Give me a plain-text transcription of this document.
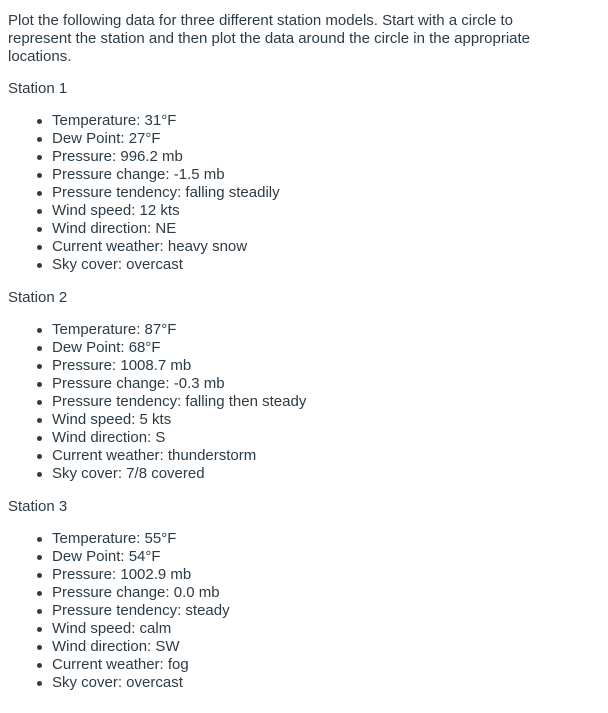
Plot the following data for three different station models. Start with a circle to represent the station and then plot the data around the circle in the appropriate locations.

Station 1

Temperature: 31°F
Dew Point: 27°F
Pressure: 996.2 mb
Pressure change: -1.5 mb
Pressure tendency: falling steadily
Wind speed: 12 kts
Wind direction: NE
Current weather: heavy snow
Sky cover: overcast

Station 2

Temperature: 87°F
Dew Point: 68°F
Pressure: 1008.7 mb
Pressure change: -0.3 mb
Pressure tendency: falling then steady
Wind speed: 5 kts
Wind direction: S
Current weather: thunderstorm
Sky cover: 7/8 covered

Station 3

Temperature: 55°F
Dew Point: 54°F
Pressure: 1002.9 mb
Pressure change: 0.0 mb
Pressure tendency: steady
Wind speed: calm
Wind direction: SW
Current weather: fog
Sky cover: overcast
